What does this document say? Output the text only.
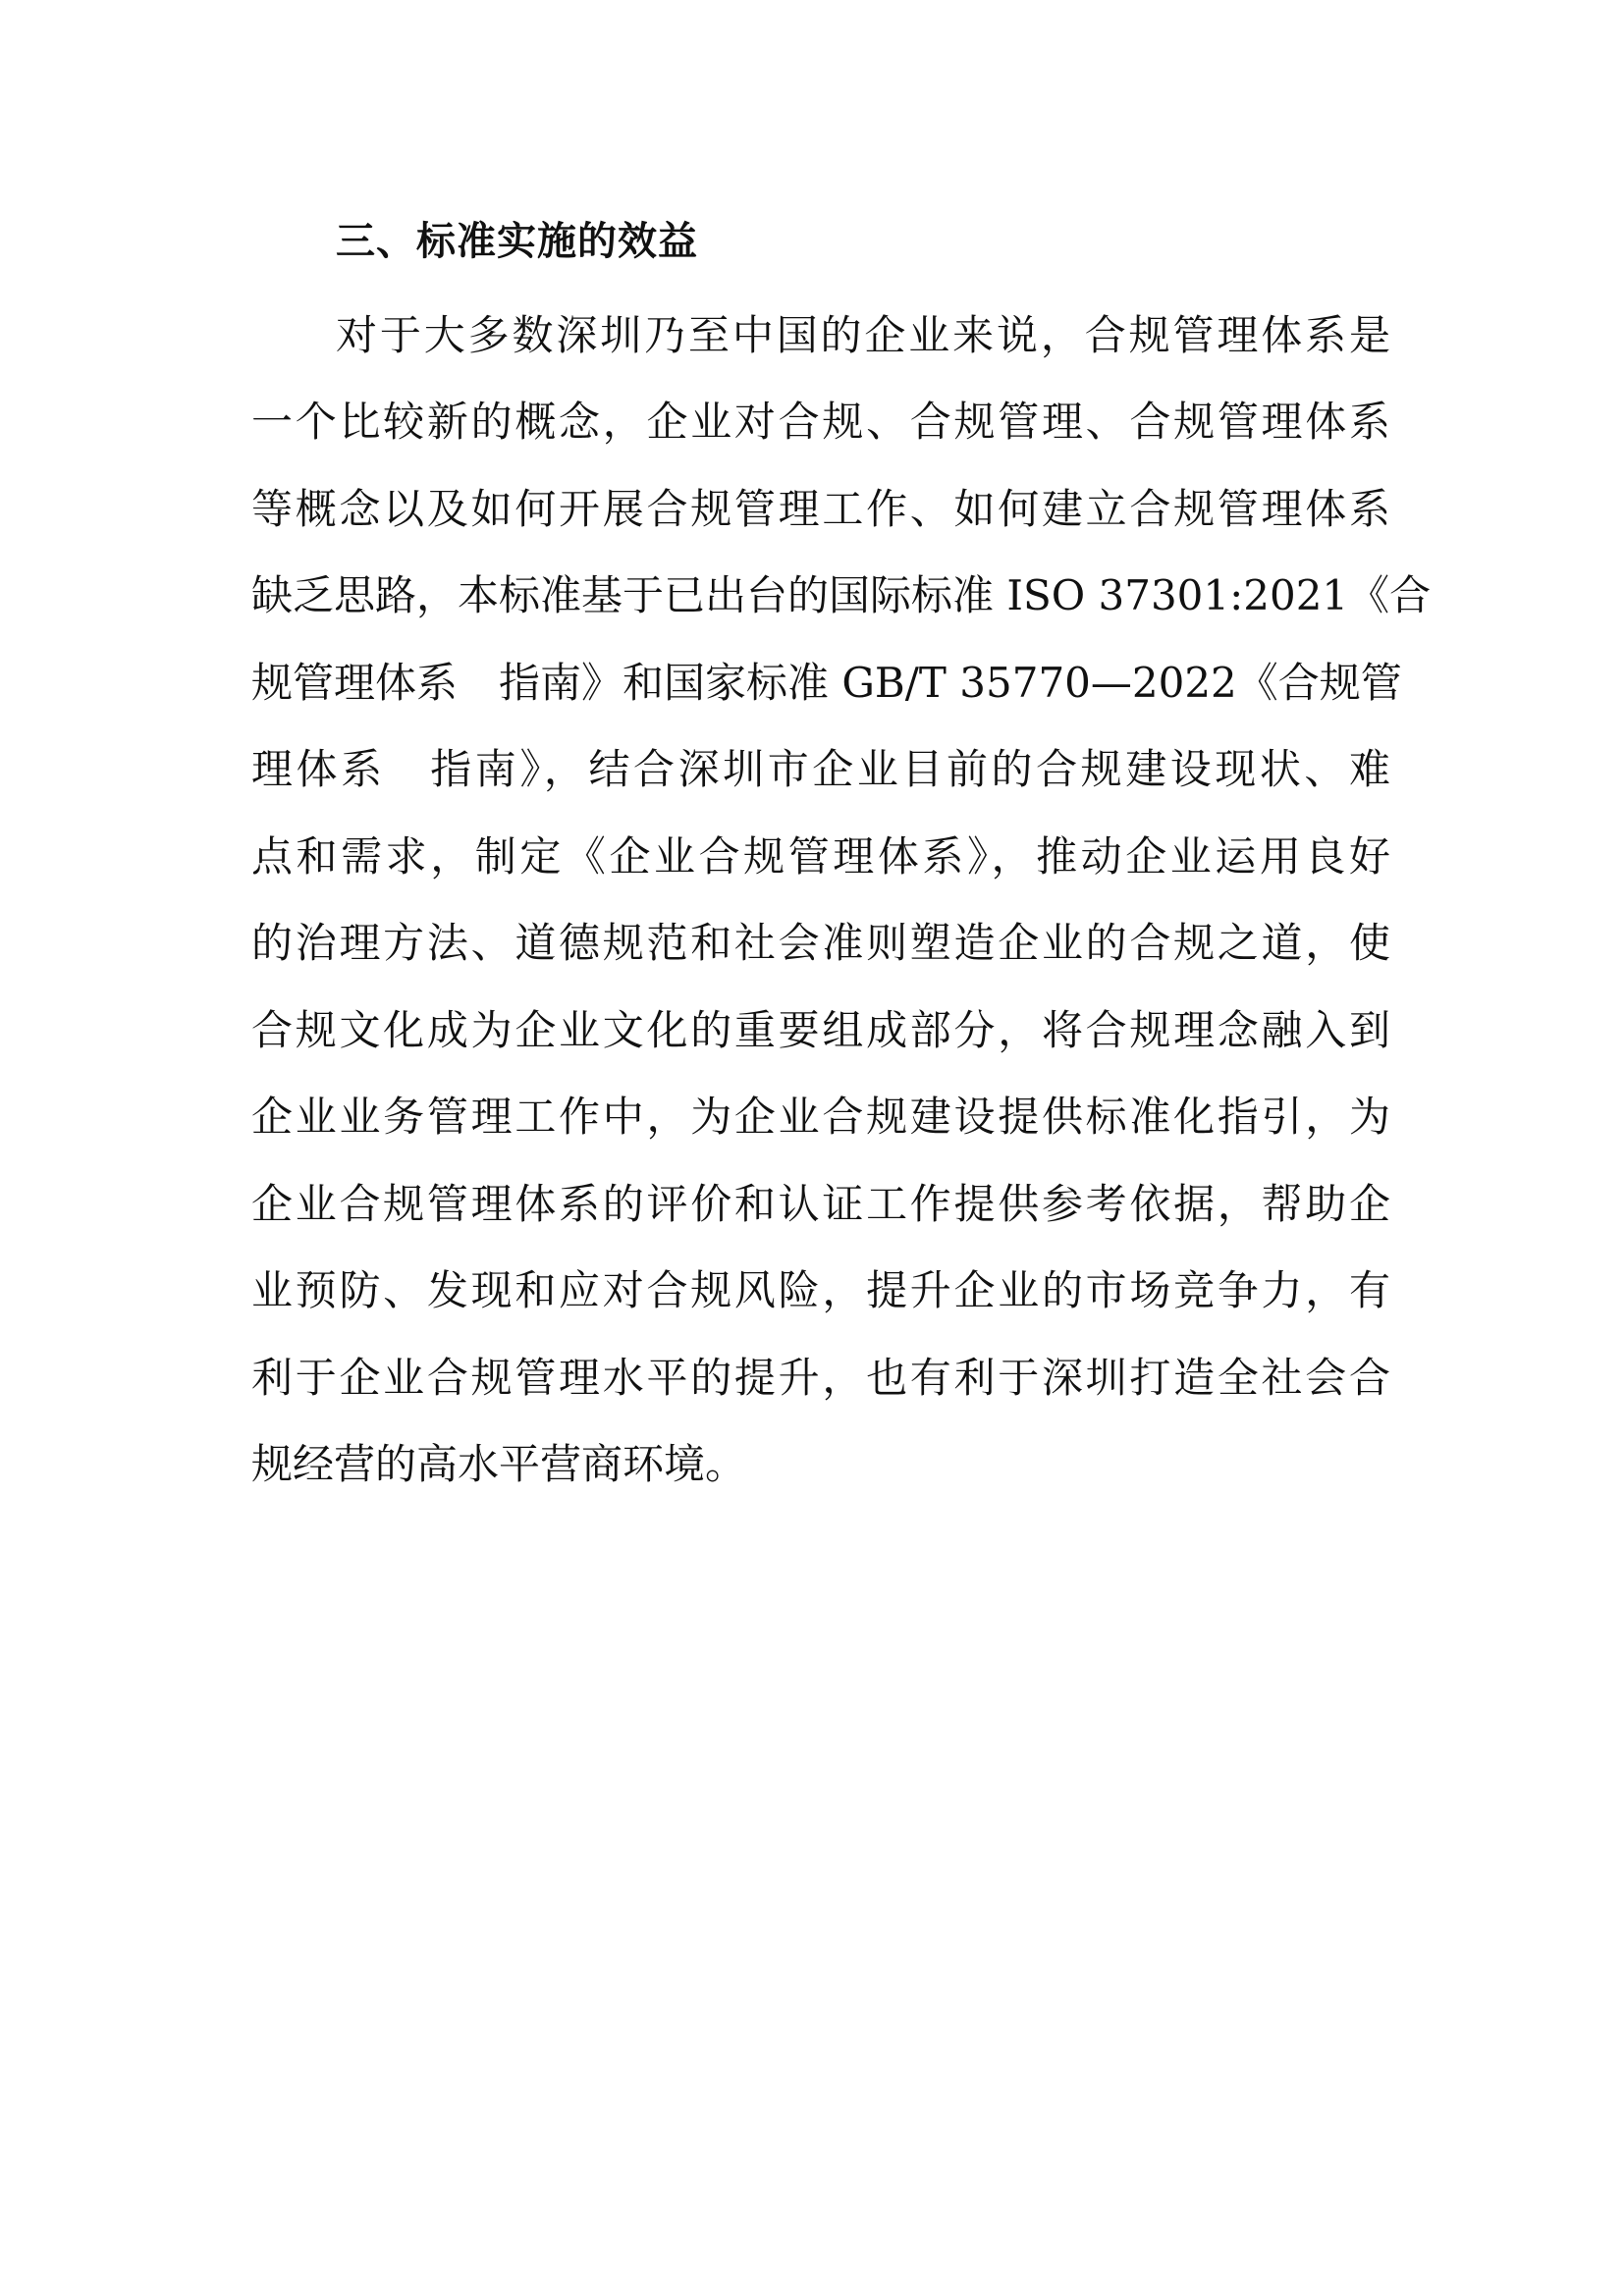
三、标准实施的效益
对于大多数深圳乃至中国的企业来说，合规管理体系是
一个比较新的概念，企业对合规、合规管理、合规管理体系
等概念以及如何开展合规管理工作、如何建立合规管理体系
缺乏思路，本标准基于已出台的国际标准 ISO 37301:2021《合
规管理体系　指南》和国家标准 GB/T 35770—2022《合规管
理体系　指南》，结合深圳市企业目前的合规建设现状、难
点和需求，制定《企业合规管理体系》，推动企业运用良好
的治理方法、道德规范和社会准则塑造企业的合规之道，使
合规文化成为企业文化的重要组成部分，将合规理念融入到
企业业务管理工作中，为企业合规建设提供标准化指引，为
企业合规管理体系的评价和认证工作提供参考依据，帮助企
业预防、发现和应对合规风险，提升企业的市场竞争力，有
利于企业合规管理水平的提升，也有利于深圳打造全社会合
规经营的高水平营商环境。
